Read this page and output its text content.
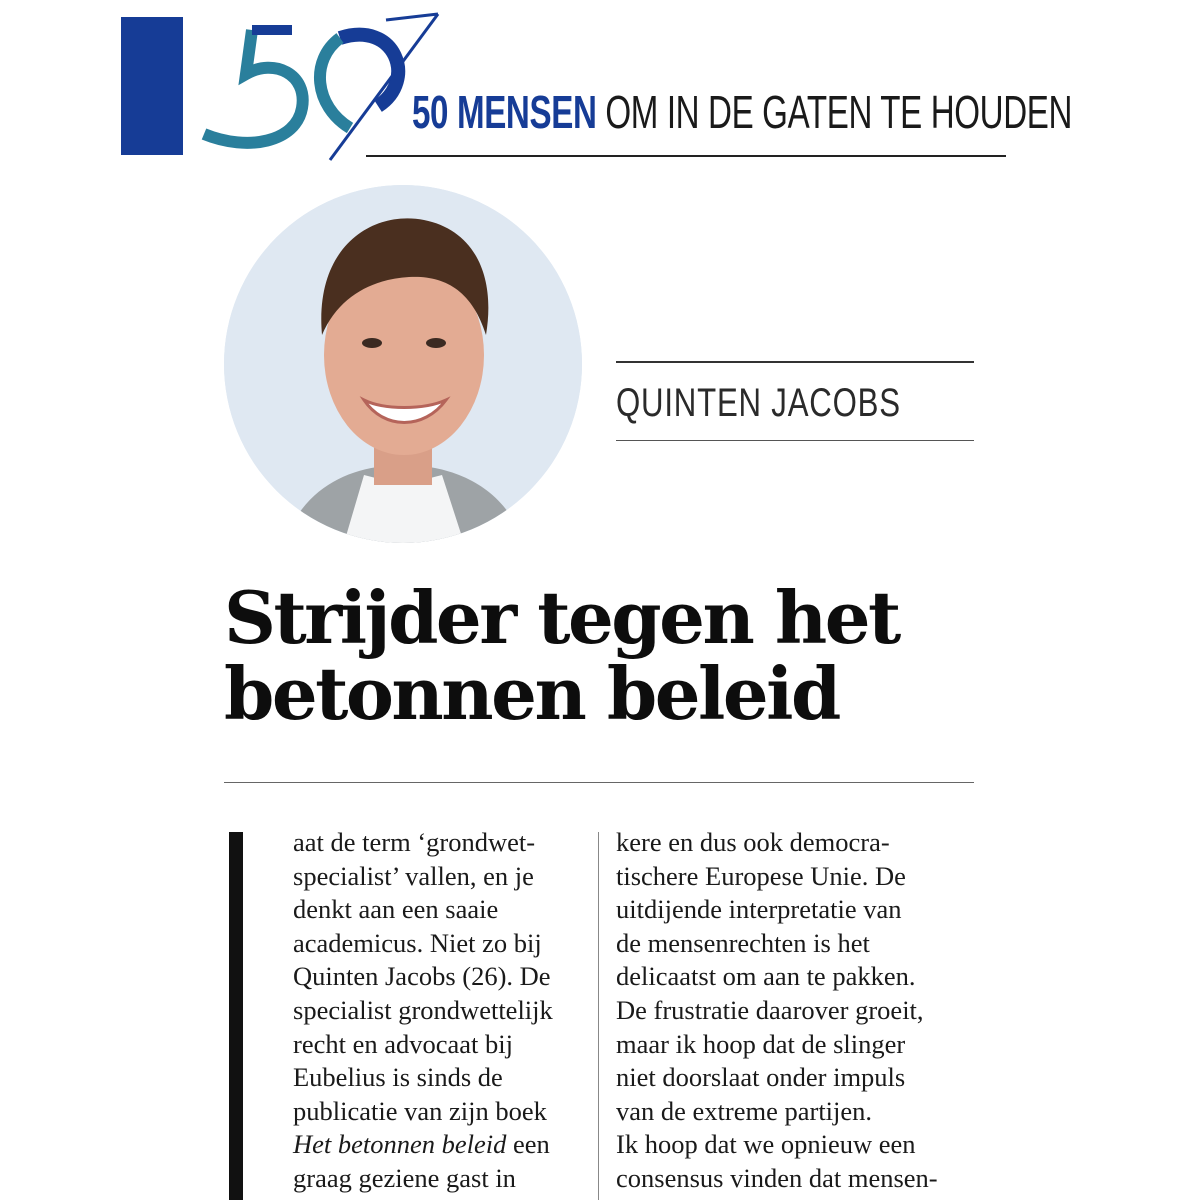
50 MENSEN OM IN DE GATEN TE HOUDEN
QUINTEN JACOBS
Strijder tegen het betonnen beleid
aat de term ‘grondwet-
specialist’ vallen, en je
denkt aan een saaie
academicus. Niet zo bij
Quinten Jacobs (26). De
specialist grondwettelijk
recht en advocaat bij
Eubelius is sinds de
publicatie van zijn boek
Het betonnen beleid een
graag geziene gast in
kere en dus ook democra-
tischere Europese Unie. De
uitdijende interpretatie van
de mensenrechten is het
delicaatst om aan te pakken.
De frustratie daarover groeit,
maar ik hoop dat de slinger
niet doorslaat onder impuls
van de extreme partijen.
Ik hoop dat we opnieuw een
consensus vinden dat mensen-
